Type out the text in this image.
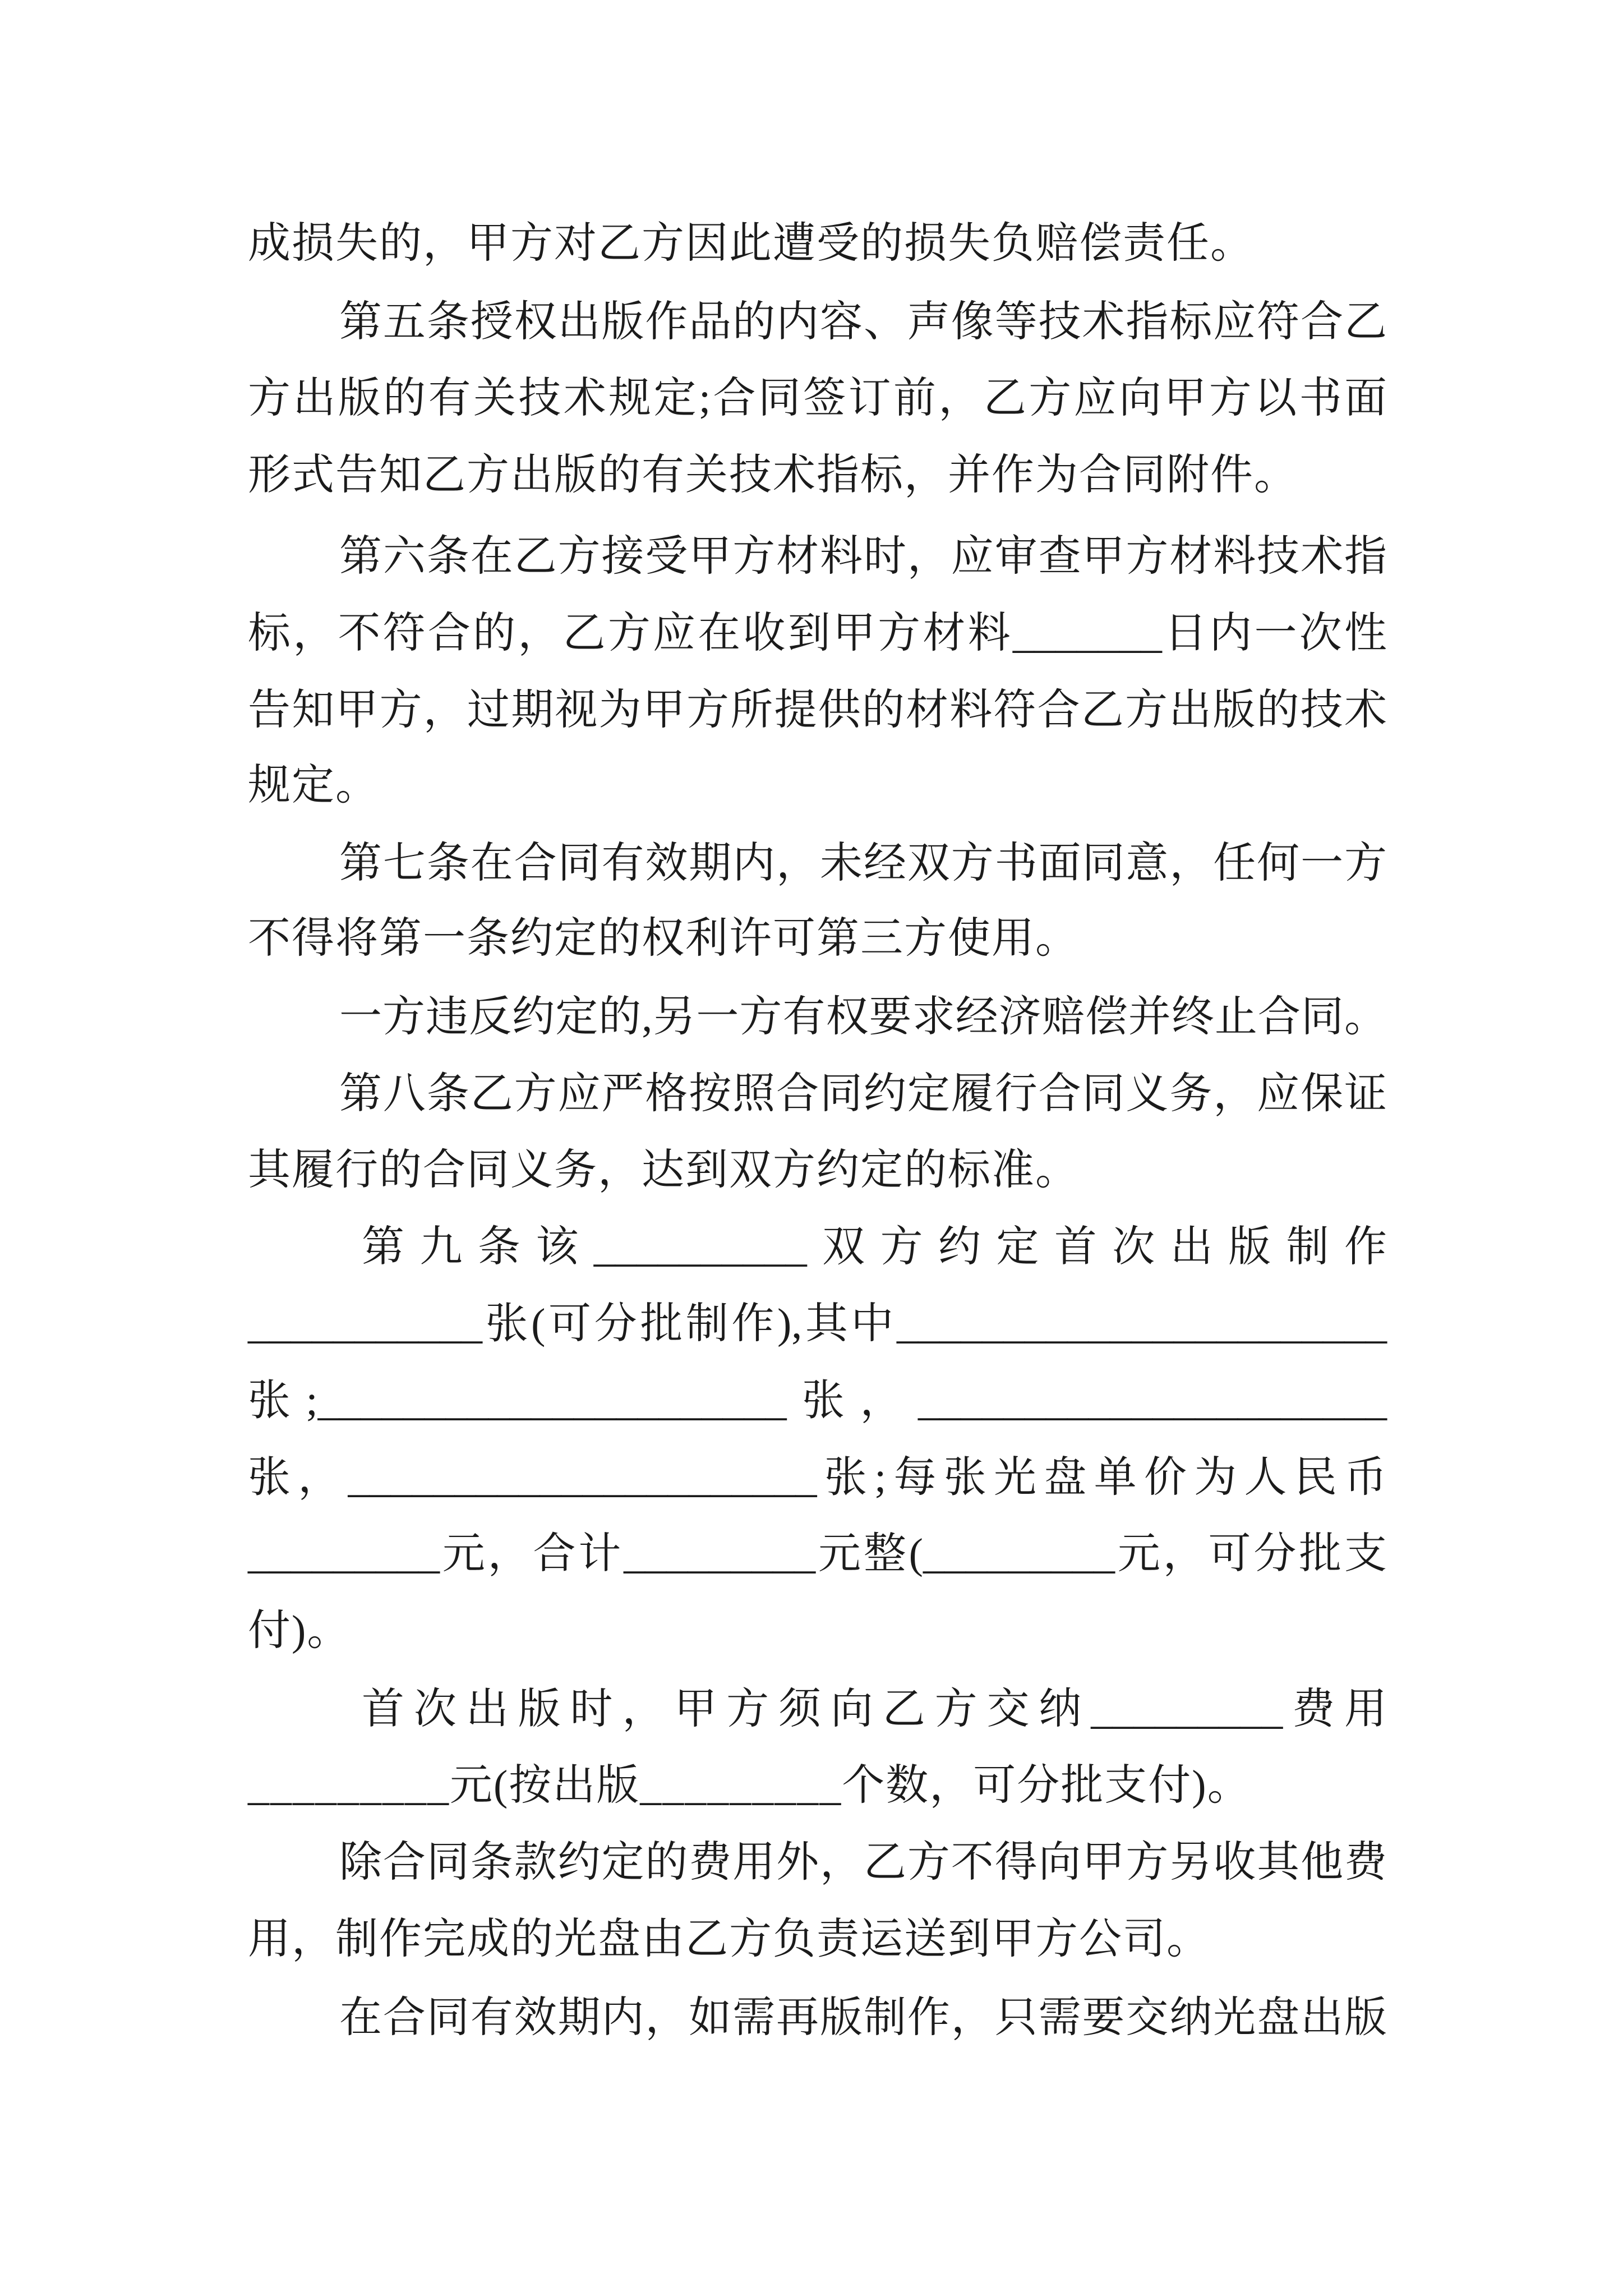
成损失的，甲方对乙方因此遭受的损失负赔偿责任。
第五条授权出版作品的内容、声像等技术指标应符合乙
方出版的有关技术规定;合同签订前，乙方应向甲方以书面
形式告知乙方出版的有关技术指标，并作为合同附件。
第六条在乙方接受甲方材料时，应审查甲方材料技术指
标，不符合的，乙方应在收到甲方材料_______日内一次性
告知甲方，过期视为甲方所提供的材料符合乙方出版的技术
规定。
第七条在合同有效期内，未经双方书面同意，任何一方
不得将第一条约定的权利许可第三方使用。
一方违反约定的,另一方有权要求经济赔偿并终止合同。
第八条乙方应严格按照合同约定履行合同义务，应保证
其履行的合同义务，达到双方约定的标准。
第九条该__________双方约定首次出版制作
___________张(可分批制作),其中_______________________
张;______________________张，______________________
张，______________________张;每张光盘单价为人民币
_________元，合计_________元整(_________元，可分批支
付)。
首次出版时，甲方须向乙方交纳_________费用
_________元(按出版_________个数，可分批支付)。
除合同条款约定的费用外，乙方不得向甲方另收其他费
用，制作完成的光盘由乙方负责运送到甲方公司。
在合同有效期内，如需再版制作，只需要交纳光盘出版
